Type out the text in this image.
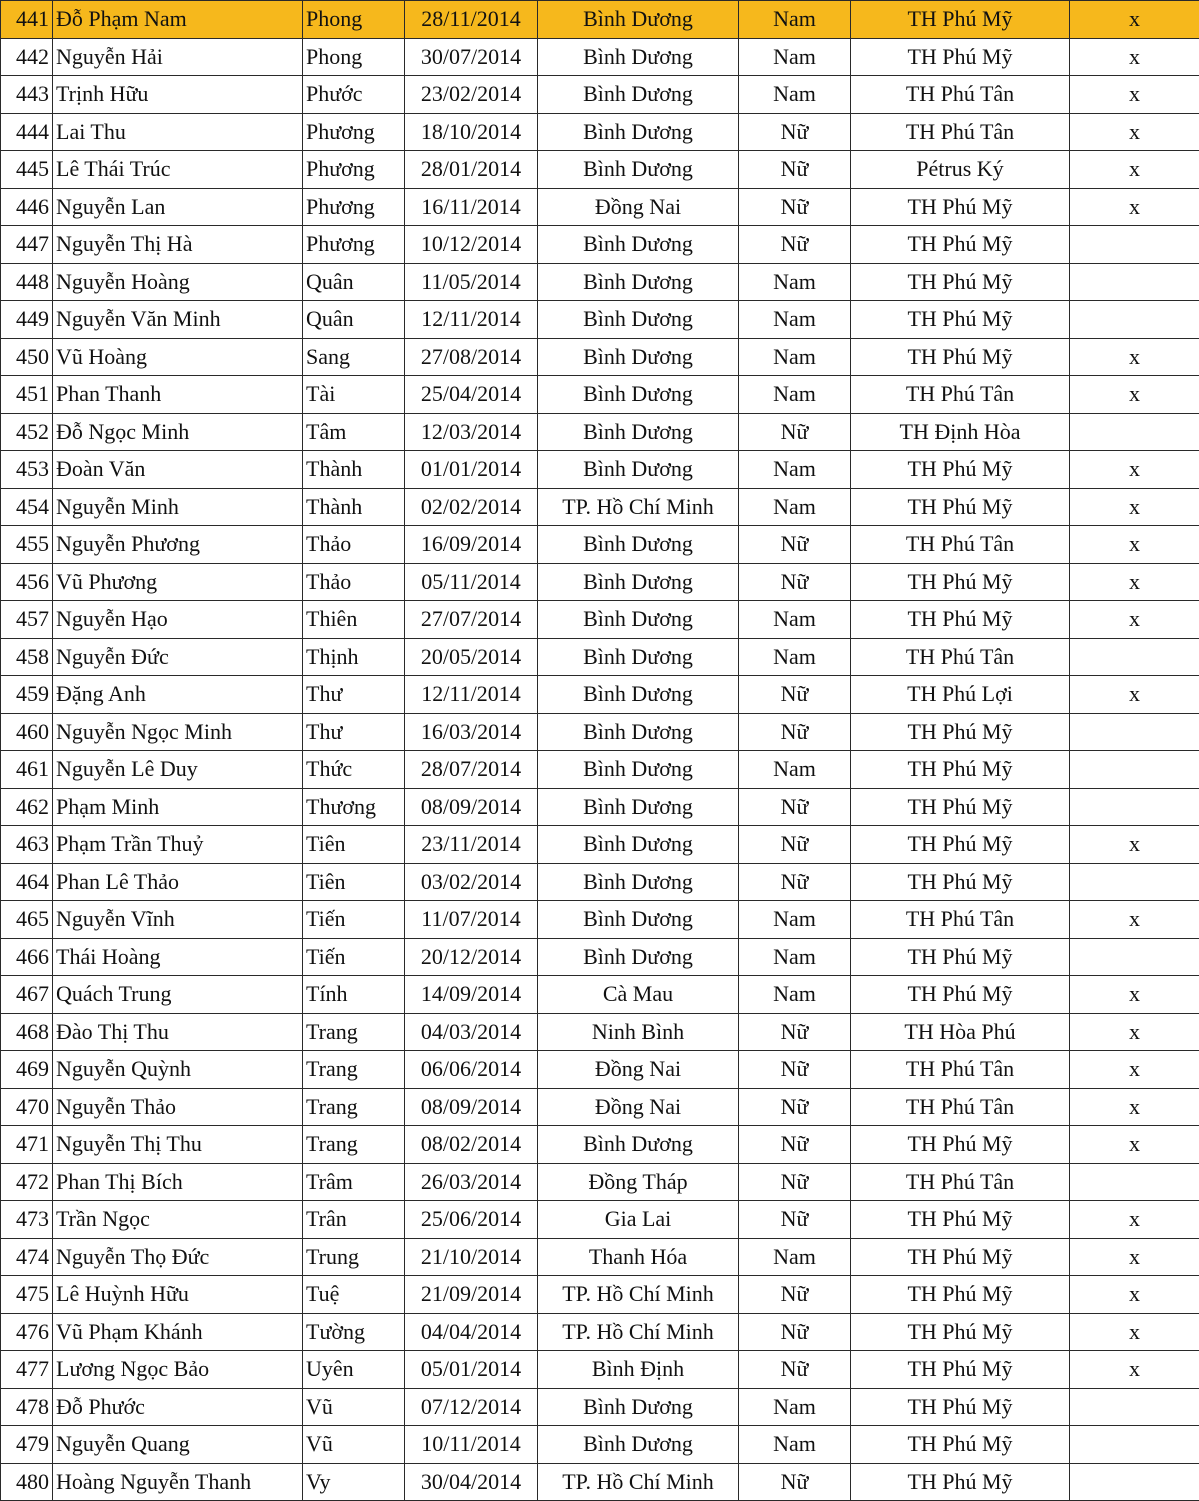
441	Đỗ Phạm Nam	Phong	28/11/2014	Bình Dương	Nam	TH Phú Mỹ	x
442	Nguyễn Hải	Phong	30/07/2014	Bình Dương	Nam	TH Phú Mỹ	x
443	Trịnh Hữu	Phước	23/02/2014	Bình Dương	Nam	TH Phú Tân	x
444	Lai Thu	Phương	18/10/2014	Bình Dương	Nữ	TH Phú Tân	x
445	Lê Thái Trúc	Phương	28/01/2014	Bình Dương	Nữ	Pétrus Ký	x
446	Nguyễn Lan	Phương	16/11/2014	Đồng Nai	Nữ	TH Phú Mỹ	x
447	Nguyễn Thị Hà	Phương	10/12/2014	Bình Dương	Nữ	TH Phú Mỹ	
448	Nguyễn Hoàng	Quân	11/05/2014	Bình Dương	Nam	TH Phú Mỹ	
449	Nguyễn Văn Minh	Quân	12/11/2014	Bình Dương	Nam	TH Phú Mỹ	
450	Vũ Hoàng	Sang	27/08/2014	Bình Dương	Nam	TH Phú Mỹ	x
451	Phan Thanh	Tài	25/04/2014	Bình Dương	Nam	TH Phú Tân	x
452	Đỗ Ngọc Minh	Tâm	12/03/2014	Bình Dương	Nữ	TH Định Hòa	
453	Đoàn Văn	Thành	01/01/2014	Bình Dương	Nam	TH Phú Mỹ	x
454	Nguyễn Minh	Thành	02/02/2014	TP. Hồ Chí Minh	Nam	TH Phú Mỹ	x
455	Nguyễn Phương	Thảo	16/09/2014	Bình Dương	Nữ	TH Phú Tân	x
456	Vũ Phương	Thảo	05/11/2014	Bình Dương	Nữ	TH Phú Mỹ	x
457	Nguyễn Hạo	Thiên	27/07/2014	Bình Dương	Nam	TH Phú Mỹ	x
458	Nguyễn Đức	Thịnh	20/05/2014	Bình Dương	Nam	TH Phú Tân	
459	Đặng Anh	Thư	12/11/2014	Bình Dương	Nữ	TH Phú Lợi	x
460	Nguyễn Ngọc Minh	Thư	16/03/2014	Bình Dương	Nữ	TH Phú Mỹ	
461	Nguyễn Lê Duy	Thức	28/07/2014	Bình Dương	Nam	TH Phú Mỹ	
462	Phạm Minh	Thương	08/09/2014	Bình Dương	Nữ	TH Phú Mỹ	
463	Phạm Trần Thuỷ	Tiên	23/11/2014	Bình Dương	Nữ	TH Phú Mỹ	x
464	Phan Lê Thảo	Tiên	03/02/2014	Bình Dương	Nữ	TH Phú Mỹ	
465	Nguyễn Vĩnh	Tiến	11/07/2014	Bình Dương	Nam	TH Phú Tân	x
466	Thái Hoàng	Tiến	20/12/2014	Bình Dương	Nam	TH Phú Mỹ	
467	Quách Trung	Tính	14/09/2014	Cà Mau	Nam	TH Phú Mỹ	x
468	Đào Thị Thu	Trang	04/03/2014	Ninh Bình	Nữ	TH Hòa Phú	x
469	Nguyễn Quỳnh	Trang	06/06/2014	Đồng Nai	Nữ	TH Phú Tân	x
470	Nguyễn Thảo	Trang	08/09/2014	Đồng Nai	Nữ	TH Phú Tân	x
471	Nguyễn Thị Thu	Trang	08/02/2014	Bình Dương	Nữ	TH Phú Mỹ	x
472	Phan Thị Bích	Trâm	26/03/2014	Đồng Tháp	Nữ	TH Phú Tân	
473	Trần Ngọc	Trân	25/06/2014	Gia Lai	Nữ	TH Phú Mỹ	x
474	Nguyễn Thọ Đức	Trung	21/10/2014	Thanh Hóa	Nam	TH Phú Mỹ	x
475	Lê Huỳnh Hữu	Tuệ	21/09/2014	TP. Hồ Chí Minh	Nữ	TH Phú Mỹ	x
476	Vũ Phạm Khánh	Tường	04/04/2014	TP. Hồ Chí Minh	Nữ	TH Phú Mỹ	x
477	Lương Ngọc Bảo	Uyên	05/01/2014	Bình Định	Nữ	TH Phú Mỹ	x
478	Đỗ Phước	Vũ	07/12/2014	Bình Dương	Nam	TH Phú Mỹ	
479	Nguyễn Quang	Vũ	10/11/2014	Bình Dương	Nam	TH Phú Mỹ	
480	Hoàng Nguyễn Thanh	Vy	30/04/2014	TP. Hồ Chí Minh	Nữ	TH Phú Mỹ	
